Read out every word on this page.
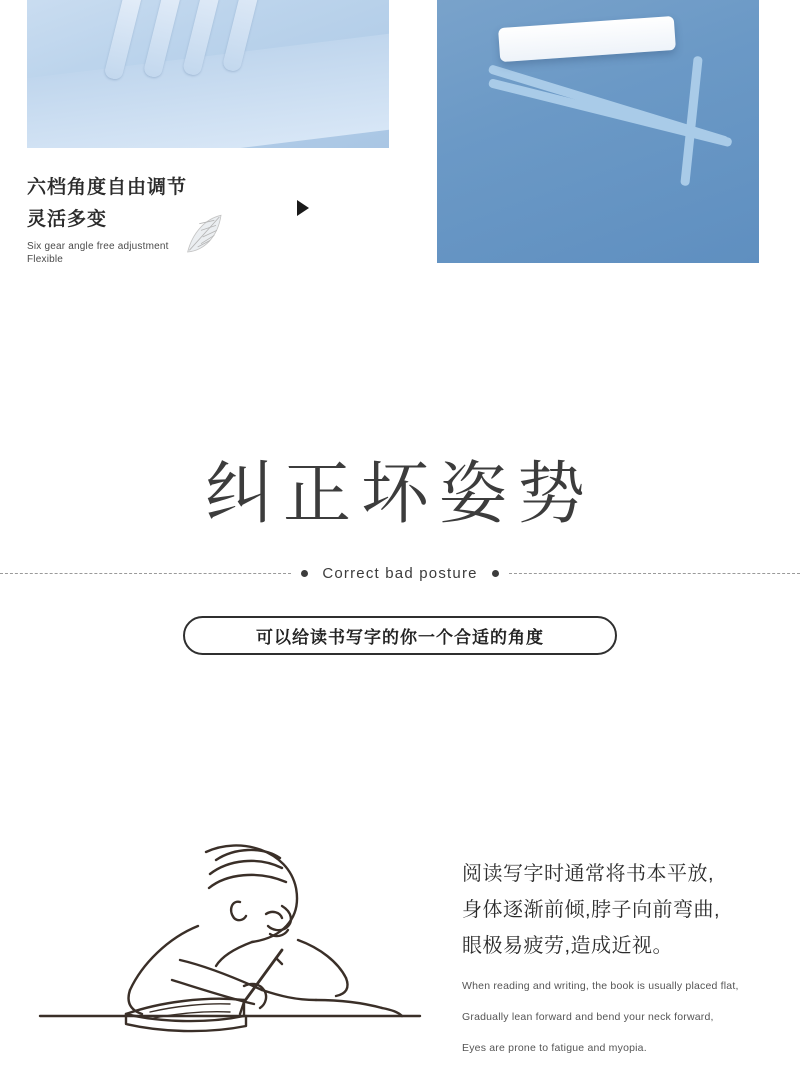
六档角度自由调节
灵活多变
Six gear angle free adjustment
Flexible
纠正坏姿势
Correct bad posture
可以给读书写字的你一个合适的角度
阅读写字时通常将书本平放,
身体逐渐前倾,脖子向前弯曲,
眼极易疲劳,造成近视。
When reading and writing, the book is usually placed flat,
Gradually lean forward and bend your neck forward,
Eyes are prone to fatigue and myopia.
